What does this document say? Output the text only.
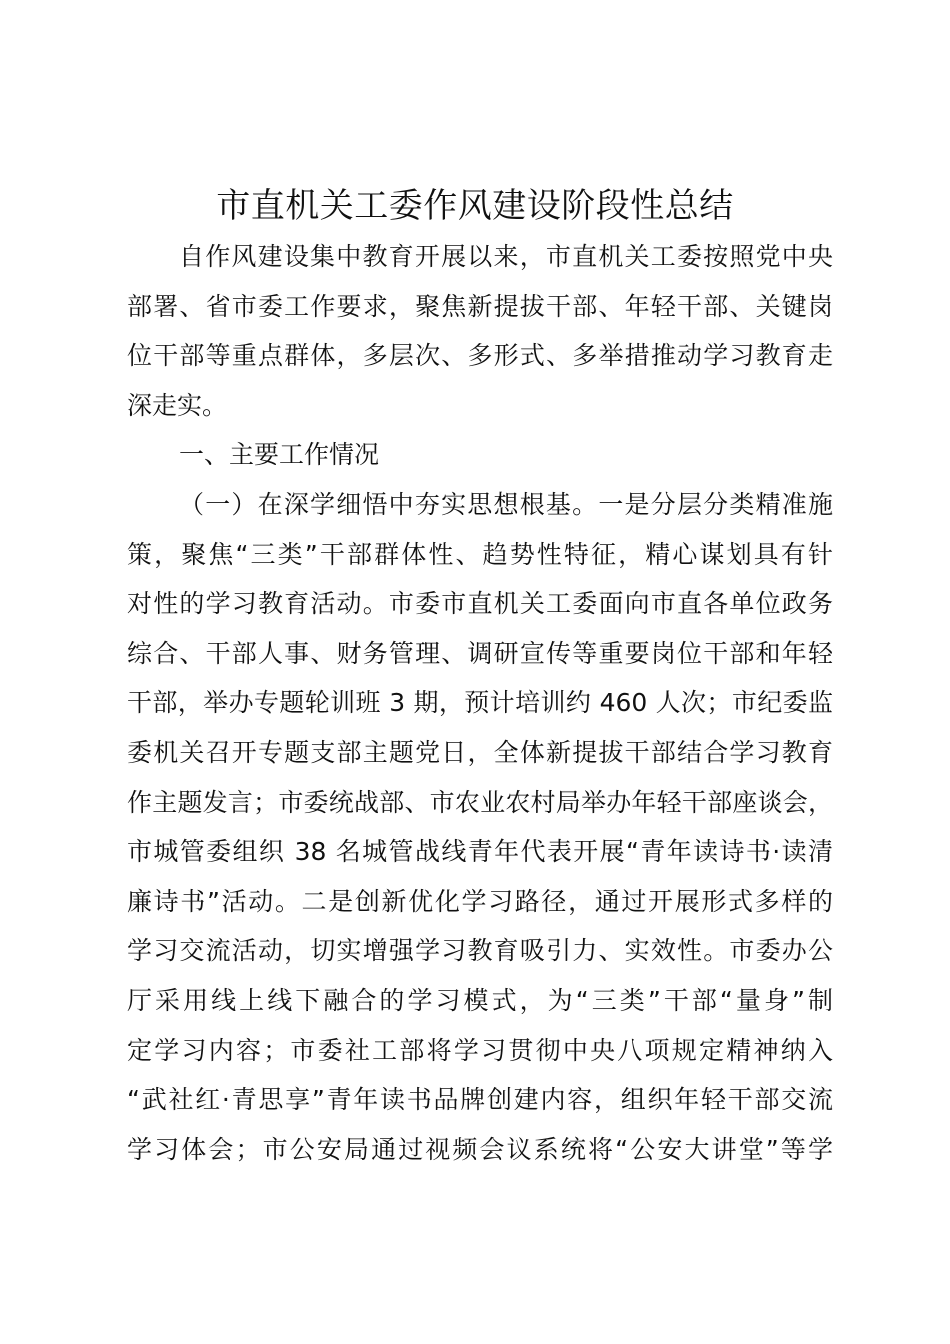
市直机关工委作风建设阶段性总结
自作风建设集中教育开展以来，市直机关工委按照党中央
部署、省市委工作要求，聚焦新提拔干部、年轻干部、关键岗
位干部等重点群体，多层次、多形式、多举措推动学习教育走
深走实。
一、主要工作情况
（一）在深学细悟中夯实思想根基。一是分层分类精准施
策，聚焦“三类”干部群体性、趋势性特征，精心谋划具有针
对性的学习教育活动。市委市直机关工委面向市直各单位政务
综合、干部人事、财务管理、调研宣传等重要岗位干部和年轻
干部，举办专题轮训班 3 期，预计培训约 460 人次；市纪委监
委机关召开专题支部主题党日，全体新提拔干部结合学习教育
作主题发言；市委统战部、市农业农村局举办年轻干部座谈会，
市城管委组织 38 名城管战线青年代表开展“青年读诗书·读清
廉诗书”活动。二是创新优化学习路径，通过开展形式多样的
学习交流活动，切实增强学习教育吸引力、实效性。市委办公
厅采用线上线下融合的学习模式，为“三类”干部“量身”制
定学习内容；市委社工部将学习贯彻中央八项规定精神纳入
“武社红·青思享”青年读书品牌创建内容，组织年轻干部交流
学习体会；市公安局通过视频会议系统将“公安大讲堂”等学
